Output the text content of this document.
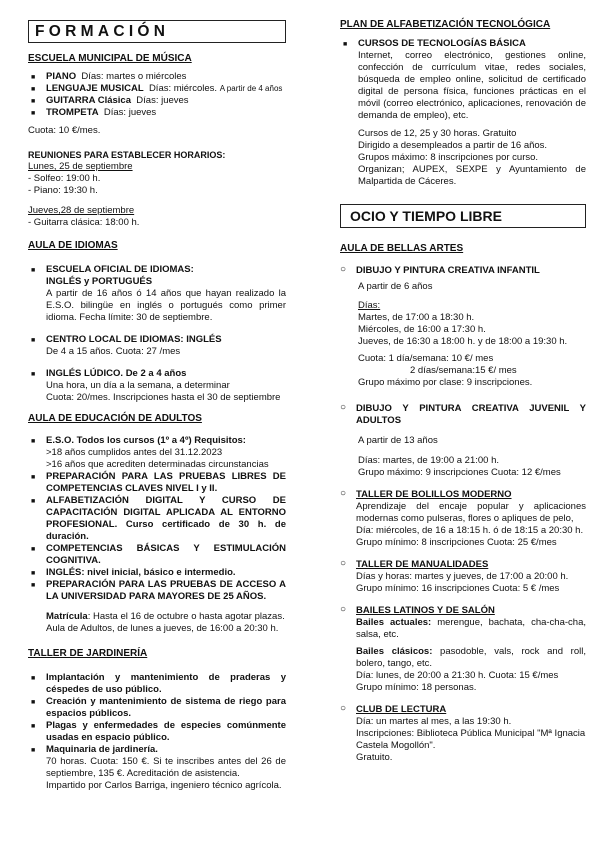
FORMACIÓN
ESCUELA MUNICIPAL DE MÚSICA
■ PIANO Días: martes o miércoles
■ LENGUAJE MUSICAL Días: miércoles. A partir de 4 años
■ GUITARRA Clásica Días: jueves
■ TROMPETA Días: jueves
Cuota: 10 €/mes.
REUNIONES PARA ESTABLECER HORARIOS:
Lunes, 25 de septiembre
- Solfeo: 19:00 h.
- Piano: 19:30 h.
Jueves,28 de septiembre
- Guitarra clásica: 18:00 h.
AULA DE IDIOMAS
■ ESCUELA OFICIAL DE IDIOMAS:
INGLÉS y PORTUGUÉS
A partir de 16 años ó 14 años que hayan realizado la E.S.O. bilingüe en inglés o portugués como primer idioma. Fecha límite: 30 de septiembre.
■ CENTRO LOCAL DE IDIOMAS: INGLÉS
De 4 a 15 años. Cuota: 27 /mes
■ INGLÉS LÚDICO. De 2 a 4 años
Una hora, un día a la semana, a determinar
Cuota: 20/mes. Inscripciones hasta el 30 de septiembre
AULA DE EDUCACIÓN DE ADULTOS
■ E.S.O. Todos los cursos (1º a 4º) Requisitos:
>18 años cumplidos antes del 31.12.2023
>16 años que acrediten determinadas circunstancias
■ PREPARACIÓN PARA LAS PRUEBAS LIBRES DE COMPETENCIAS CLAVES NIVEL I y II.
■ ALFABETIZACIÓN DIGITAL Y CURSO DE CAPACITACIÓN DIGITAL APLICADA AL ENTORNO PROFESIONAL. Curso certificado de 30 h. de duración.
■ COMPETENCIAS BÁSICAS Y ESTIMULACIÓN COGNITIVA.
■ INGLÉS: nivel inicial, básico e intermedio.
■ PREPARACIÓN PARA LAS PRUEBAS DE ACCESO A LA UNIVERSIDAD PARA MAYORES DE 25 AÑOS.
Matrícula: Hasta el 16 de octubre o hasta agotar plazas.
Aula de Adultos, de lunes a jueves, de 16:00 a 20:30 h.
TALLER DE JARDINERÍA
■ Implantación y mantenimiento de praderas y céspedes de uso público.
■ Creación y mantenimiento de sistema de riego para espacios públicos.
■ Plagas y enfermedades de especies comúnmente usadas en espacio público.
■ Maquinaria de jardinería.
70 horas. Cuota: 150 €. Si te inscribes antes del 26 de septiembre, 135 €. Acreditación de asistencia.
Impartido por Carlos Barriga, ingeniero técnico agrícola.
PLAN DE ALFABETIZACIÓN TECNOLÓGICA
■ CURSOS DE TECNOLOGÍAS BÁSICA
Internet, correo electrónico, gestiones online, confección de currículum vitae, redes sociales, búsqueda de empleo online, solicitud de certificado digital de persona física, funciones prácticas en el móvil (correo electrónico, aplicaciones, renovación de demanda de empleo), etc.
Cursos de 12, 25 y 30 horas. Gratuito
Dirigido a desempleados a partir de 16 años.
Grupos máximo: 8 inscripciones por curso.
Organizan; AUPEX, SEXPE y Ayuntamiento de Malpartida de Cáceres.
OCIO Y TIEMPO LIBRE
AULA DE BELLAS ARTES
○ DIBUJO Y PINTURA CREATIVA INFANTIL
A partir de 6 años
Días:
Martes, de 17:00 a 18:30 h.
Miércoles, de 16:00 a 17:30 h.
Jueves, de 16:30 a 18:00 h. y de 18:00 a 19:30 h.
Cuota: 1 día/semana: 10 €/ mes
2 días/semana:15 €/ mes
Grupo máximo por clase: 9 inscripciones.
○ DIBUJO Y PINTURA CREATIVA JUVENIL Y ADULTOS
A partir de 13 años
Días: martes, de 19:00 a 21:00 h.
Grupo máximo: 9 inscripciones Cuota: 12 €/mes
○ TALLER DE BOLILLOS MODERNO
Aprendizaje del encaje popular y aplicaciones modernas como pulseras, flores o apliques de pelo,
Día: miércoles, de 16 a 18:15 h. ó de 18:15 a 20:30 h.
Grupo mínimo: 8 inscripciones Cuota: 25 €/mes
○ TALLER DE MANUALIDADES
Días y horas: martes y jueves, de 17:00 a 20:00 h.
Grupo mínimo: 16 inscripciones Cuota: 5 € /mes
○ BAILES LATINOS Y DE SALÓN
Bailes actuales: merengue, bachata, cha-cha-cha, salsa, etc.
Bailes clásicos: pasodoble, vals, rock and roll, bolero, tango, etc.
Día: lunes, de 20:00 a 21:30 h. Cuota: 15 €/mes
Grupo mínimo: 18 personas.
○ CLUB DE LECTURA
Día: un martes al mes, a las 19:30 h.
Inscripciones: Biblioteca Pública Municipal "Mª Ignacia Castela Mogollón".
Gratuito.
